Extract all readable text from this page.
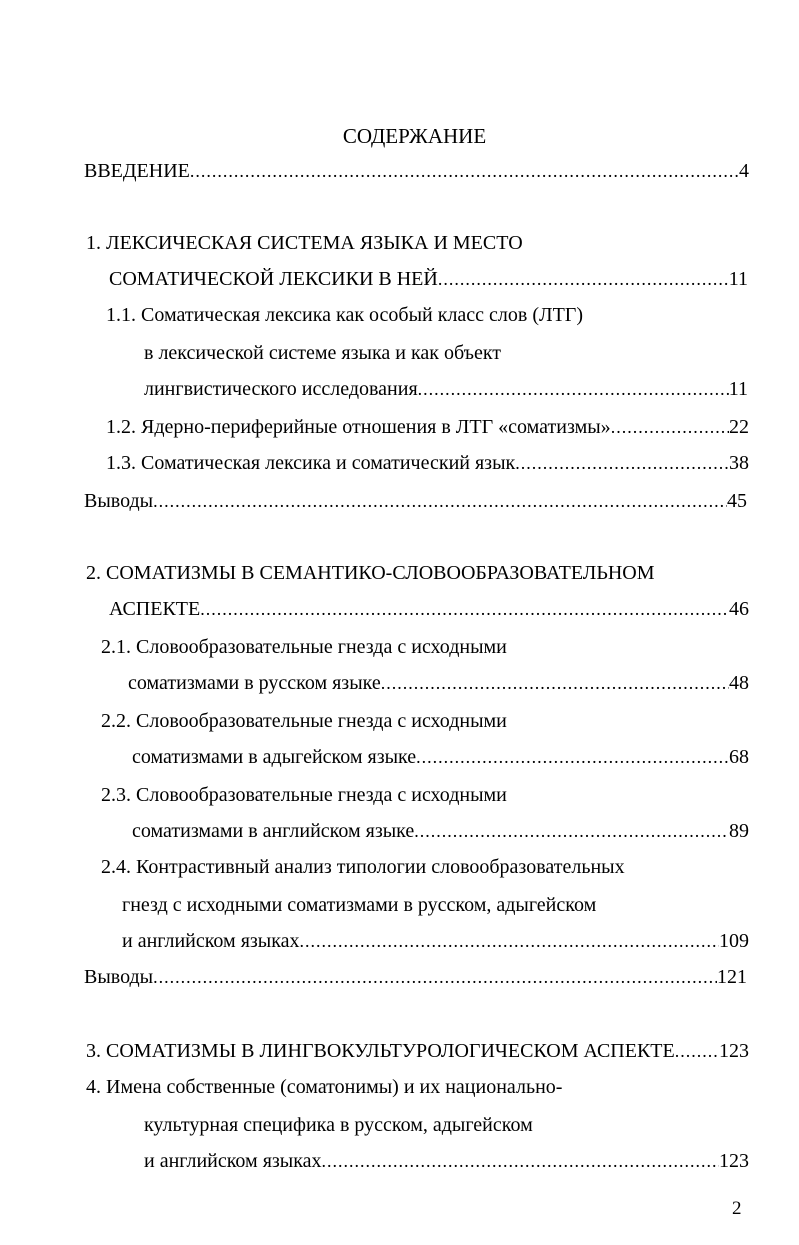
СОДЕРЖАНИЕ
ВВЕДЕНИЕ .....	4
1. ЛЕКСИЧЕСКАЯ СИСТЕМА ЯЗЫКА И МЕСТО
СОМАТИЧЕСКОЙ ЛЕКСИКИ В НЕЙ .....	11
1.1. Соматическая лексика как особый класс слов (ЛТГ)
в лексической системе языка и как объект
лингвистического исследования .....	11
1.2. Ядерно-периферийные отношения в ЛТГ «соматизмы» .....	22
1.3. Соматическая лексика и соматический язык .....	38
Выводы .....	45
2. СОМАТИЗМЫ В СЕМАНТИКО-СЛОВООБРАЗОВАТЕЛЬНОМ
АСПЕКТЕ .....	46
2.1. Словообразовательные гнезда с исходными
соматизмами в русском языке .....	48
2.2. Словообразовательные гнезда с исходными
соматизмами в адыгейском языке .....	68
2.3. Словообразовательные гнезда с исходными
соматизмами в английском языке .....	89
2.4. Контрастивный анализ типологии словообразовательных
гнезд с исходными соматизмами в русском, адыгейском
и английском языках .....	109
Выводы .....	121
3. СОМАТИЗМЫ В ЛИНГВОКУЛЬТУРОЛОГИЧЕСКОМ АСПЕКТЕ ..... 123
4. Имена собственные (соматонимы) и их национально-
культурная специфика в русском, адыгейском
и английском языках .....	123
2
